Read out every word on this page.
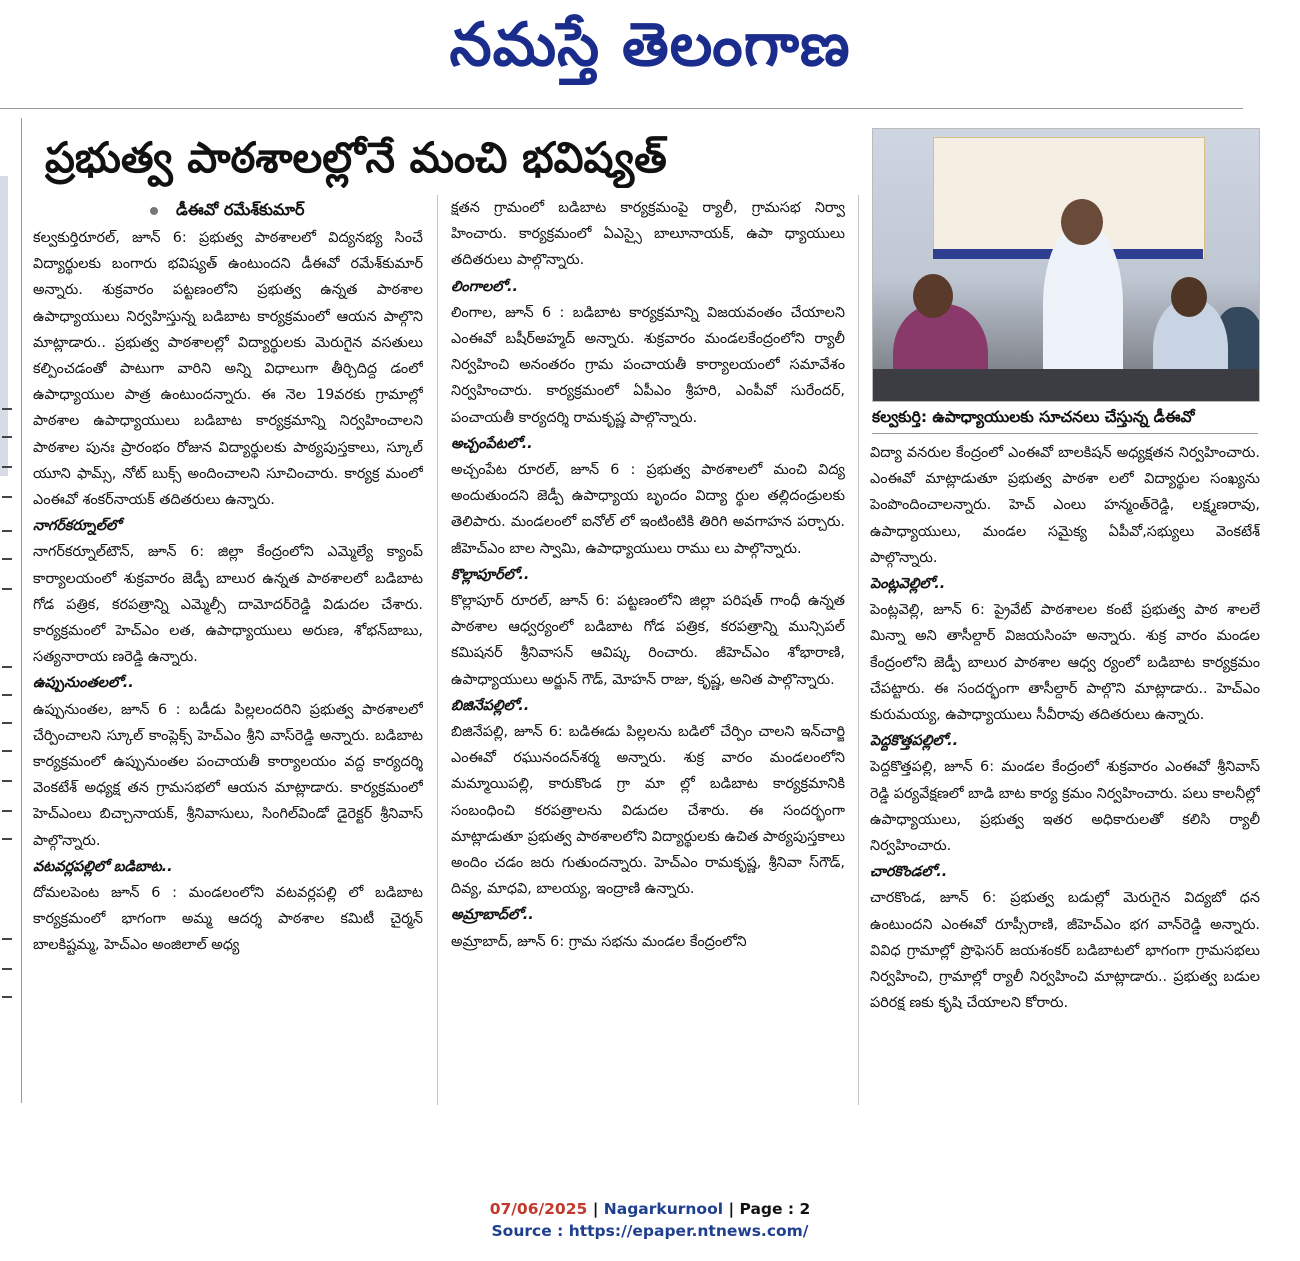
నమస్తే తెలంగాణ
ప్రభుత్వ పాఠశాలల్లోనే మంచి భవిష్యత్
డీఈవో రమేశ్‌కుమార్

కల్వకుర్తిరూరల్, జూన్ 6: ప్రభుత్వ పాఠశాలలో విద్యనభ్య సించే విద్యార్థులకు బంగారు భవిష్యత్ ఉంటుందని డీఈవో రమేశ్‌కుమార్ అన్నారు. శుక్రవారం పట్టణంలోని ప్రభుత్వ ఉన్నత పాఠశాల ఉపాధ్యాయులు నిర్వహిస్తున్న బడిబాట కార్యక్రమంలో ఆయన పాల్గొని మాట్లాడారు.. ప్రభుత్వ పాఠశాలల్లో విద్యార్థులకు మెరుగైన వసతులు కల్పించడంతో పాటుగా వారిని అన్ని విధాలుగా తీర్చిదిద్ద డంలో ఉపాధ్యాయుల పాత్ర ఉంటుందన్నారు. ఈ నెల 19వరకు గ్రామాల్లో పాఠశాల ఉపాధ్యాయులు బడిబాట కార్యక్రమాన్ని నిర్వహించాలని పాఠశాల పునః ప్రారంభం రోజున విద్యార్థులకు పాఠ్యపుస్తకాలు, స్కూల్ యూని ఫామ్స్, నోట్ బుక్స్ అందించాలని సూచించారు. కార్యక్ర మంలో ఎంఈవో శంకర్‌నాయక్ తదితరులు ఉన్నారు.

నాగర్‌కర్నూల్‌లో

నాగర్‌కర్నూల్‌టౌన్, జూన్ 6: జిల్లా కేంద్రంలోని ఎమ్మెల్యే క్యాంప్ కార్యాలయంలో శుక్రవారం జెడ్పీ బాలుర ఉన్నత పాఠశాలలో బడిబాట గోడ పత్రిక, కరపత్రాన్ని ఎమ్మెల్సీ దామోదర్‌రెడ్డి విడుదల చేశారు. కార్యక్రమంలో హెచ్‌ఎం లత, ఉపాధ్యాయులు అరుణ, శోభన్‌బాబు, సత్యనారాయ ణరెడ్డి ఉన్నారు.

ఉప్పునుంతలలో..

ఉప్పునుంతల, జూన్ 6 : బడీడు పిల్లలందరిని ప్రభుత్వ పాఠశాలలో చేర్పించాలని స్కూల్ కాంప్లెక్స్ హెచ్‌ఎం శ్రీని వాస్‌రెడ్డి అన్నారు. బడిబాట కార్యక్రమంలో ఉప్పునుంతల పంచాయతీ కార్యాలయం వద్ద కార్యదర్శి వెంకటేశ్ అధ్యక్ష తన గ్రామసభలో ఆయన మాట్లాడారు. కార్యక్రమంలో హెచ్‌ఎంలు బిచ్చానాయక్, శ్రీనివాసులు, సింగిల్‌విండో డైరెక్టర్ శ్రీనివాస్ పాల్గొన్నారు.

వటవర్లపల్లిలో బడిబాట..

దోమలపెంట జూన్ 6 : మండలంలోని వటవర్లపల్లి లో బడిబాట కార్యక్రమంలో భాగంగా అమ్మ ఆదర్శ పాఠశాల కమిటీ చైర్మన్ బాలకిష్టమ్మ, హెచ్‌ఎం అంజిలాల్ అధ్య

క్షతన గ్రామంలో బడిబాట కార్యక్రమంపై ర్యాలీ, గ్రామసభ నిర్వా హించారు. కార్యక్రమంలో ఏఎస్సై బాలూనాయక్, ఉపా ధ్యాయులు తదితరులు పాల్గొన్నారు.

లింగాలలో..

లింగాల, జూన్ 6 : బడిబాట కార్యక్రమాన్ని విజయవంతం చేయాలని ఎంఈవో బషీర్‌అహ్మద్ అన్నారు. శుక్రవారం మండలకేంద్రంలోని ర్యాలీ నిర్వహించి అనంతరం గ్రామ పంచాయతీ కార్యాలయంలో సమావేశం నిర్వహించారు. కార్యక్రమంలో ఏపీఎం శ్రీహరి, ఎంపీవో సురేందర్, పంచాయతీ కార్యదర్శి రామకృష్ణ పాల్గొన్నారు.

అచ్చంపేటలో..

అచ్చంపేట రూరల్, జూన్ 6 : ప్రభుత్వ పాఠశాలలో మంచి విద్య అందుతుందని జెడ్పీ ఉపాధ్యాయ బృందం విద్యా ర్థుల తల్లిదండ్రులకు తెలిపారు. మండలంలో ఐనోల్ లో ఇంటింటికి తిరిగి అవగాహన పర్చారు. జీహెచ్‌ఎం బాల స్వామి, ఉపాధ్యాయులు రాము లు పాల్గొన్నారు.

కొల్లాపూర్‌లో..

కొల్లాపూర్ రూరల్, జూన్ 6: పట్టణంలోని జిల్లా పరిషత్ గాంధీ ఉన్నత పాఠశాల ఆధ్వర్యంలో బడిబాట గోడ పత్రిక, కరపత్రాన్ని మున్సిపల్ కమిషనర్ శ్రీనివాసన్ ఆవిష్క రించారు. జీహెచ్‌ఎం శోభారాణి, ఉపాధ్యాయులు అర్జున్ గౌడ్, మోహన్ రాజు, కృష్ణ, అనిత పాల్గొన్నారు.

బిజినేపల్లిలో..

బిజినేపల్లి, జూన్ 6: బడిఈడు పిల్లలను బడిలో చేర్పిం చాలని ఇన్‌చార్జి ఎంఈవో రఘునందన్‌శర్మ అన్నారు. శుక్ర వారం మండలంలోని మమ్మాయిపల్లి, కారుకొండ గ్రా మా ల్లో బడిబాట కార్యక్రమానికి సంబంధించి కరపత్రాలను విడుదల చేశారు. ఈ సందర్భంగా మాట్లాడుతూ ప్రభుత్వ పాఠశాలలోని విద్యార్థులకు ఉచిత పాఠ్యపుస్తకాలు అందిం చడం జరు గుతుందన్నారు. హెచ్‌ఎం రామకృష్ణ, శ్రీనివా స్‌గౌడ్, దివ్య, మాధవి, బాలయ్య, ఇంద్రాణి ఉన్నారు.

అమ్రాబాద్‌లో..

అమ్రాబాద్, జూన్ 6: గ్రామ సభను మండల కేంద్రంలోని

కల్వకుర్తి: ఉపాధ్యాయులకు సూచనలు చేస్తున్న డీఈవో

విద్యా వనరుల కేంద్రంలో ఎంఈవో బాలకిషన్ అధ్యక్షతన నిర్వహించారు. ఎంఈవో మాట్లాడుతూ ప్రభుత్వ పాఠశా లలో విద్యార్థుల సంఖ్యను పెంపొందించాలన్నారు. హెచ్ ఎంలు హన్మంత్‌రెడ్డి, లక్ష్మణరావు, ఉపాధ్యాయులు, మండల సమైక్య ఏపీవో,సభ్యులు వెంకటేశ్ పాల్గొన్నారు.

పెంట్లవెల్లిలో..

పెంట్లవెల్లి, జూన్ 6: ప్రైవేట్ పాఠశాలల కంటే ప్రభుత్వ పాఠ శాలలే మిన్నా అని తాసీల్దార్ విజయసింహ అన్నారు. శుక్ర వారం మండల కేంద్రంలోని జెడ్పీ బాలుర పాఠశాల ఆధ్వ ర్యంలో బడిబాట కార్యక్రమం చేపట్టారు. ఈ సందర్భంగా తాసీల్దార్ పాల్గొని మాట్లాడారు.. హెచ్‌ఎం కురుమయ్య, ఉపాధ్యాయులు సీవీరావు తదితరులు ఉన్నారు.

పెద్దకొత్తపల్లిలో..

పెద్దకొత్తపల్లి, జూన్ 6: మండల కేంద్రంలో శుక్రవారం ఎంఈవో శ్రీనివాస్ రెడ్డి పర్యవేక్షణలో బాడి బాట కార్య క్రమం నిర్వహించారు. పలు కాలనీల్లో ఉపాధ్యాయులు, ప్రభుత్వ ఇతర అధికారులతో కలిసి ర్యాలీ నిర్వహించారు.

చారకొండలో..

చారకొండ, జూన్ 6: ప్రభుత్వ బడుల్లో మెరుగైన విద్యబో ధన ఉంటుందని ఎంఈవో రూప్సీరాణి, జీహెచ్‌ఎం భగ వాన్‌రెడ్డి అన్నారు. వివిధ గ్రామాల్లో ప్రొఫెసర్ జయశంకర్ బడిబాటలో భాగంగా గ్రామసభలు నిర్వహించి, గ్రామాల్లో ర్యాలీ నిర్వహించి మాట్లాడారు.. ప్రభుత్వ బడుల పరిరక్ష ణకు కృషి చేయాలని కోరారు.

07/06/2025 | Nagarkurnool | Page : 2
Source : https://epaper.ntnews.com/
